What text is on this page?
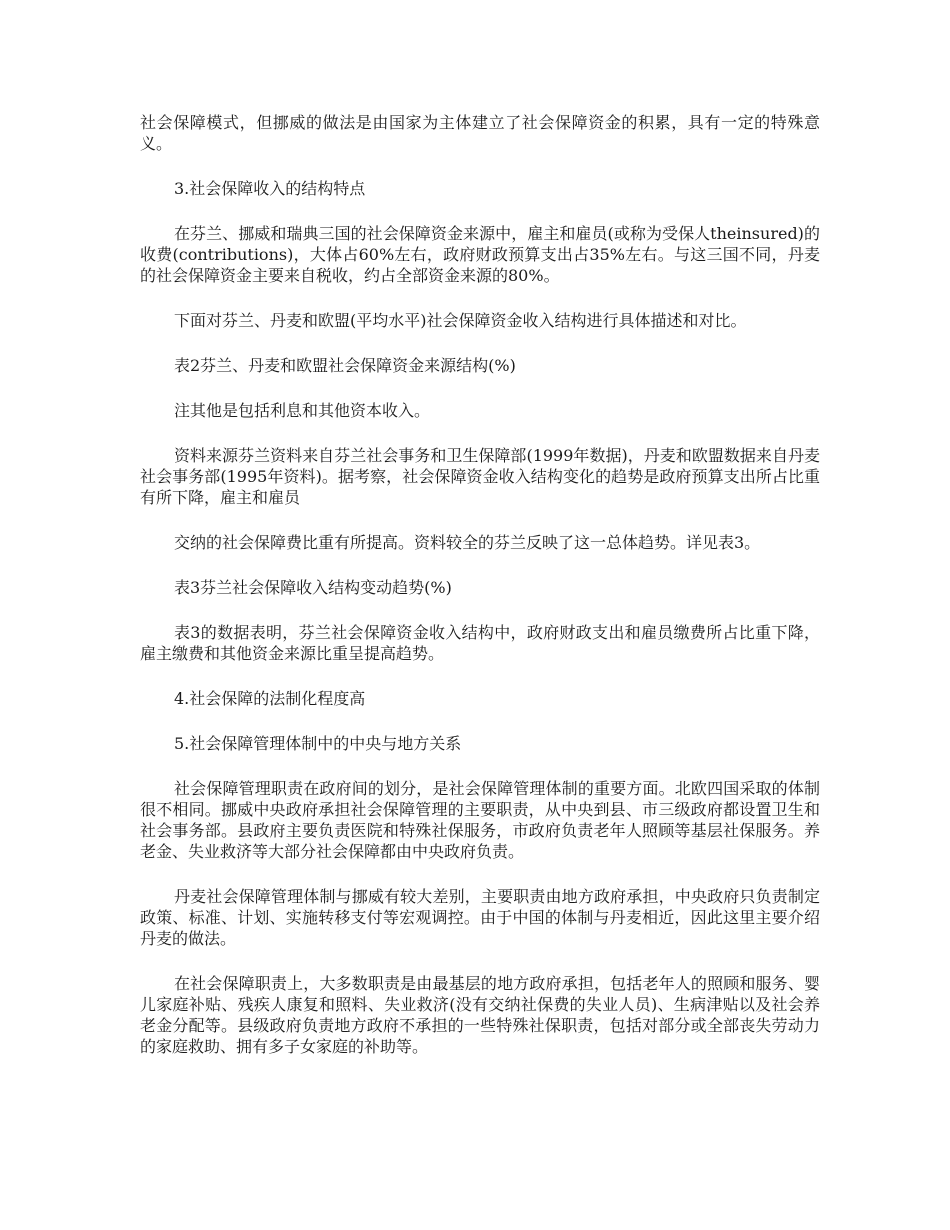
社会保障模式，但挪威的做法是由国家为主体建立了社会保障资金的积累，具有一定的特殊意义。

3.社会保障收入的结构特点

在芬兰、挪威和瑞典三国的社会保障资金来源中，雇主和雇员(或称为受保人theinsured)的收费(contributions)，大体占60%左右，政府财政预算支出占35%左右。与这三国不同，丹麦的社会保障资金主要来自税收，约占全部资金来源的80%。

下面对芬兰、丹麦和欧盟(平均水平)社会保障资金收入结构进行具体描述和对比。

表2芬兰、丹麦和欧盟社会保障资金来源结构(%)

注其他是包括利息和其他资本收入。

资料来源芬兰资料来自芬兰社会事务和卫生保障部(1999年数据)，丹麦和欧盟数据来自丹麦社会事务部(1995年资料)。据考察，社会保障资金收入结构变化的趋势是政府预算支出所占比重有所下降，雇主和雇员

交纳的社会保障费比重有所提高。资料较全的芬兰反映了这一总体趋势。详见表3。

表3芬兰社会保障收入结构变动趋势(%)

表3的数据表明，芬兰社会保障资金收入结构中，政府财政支出和雇员缴费所占比重下降，雇主缴费和其他资金来源比重呈提高趋势。

4.社会保障的法制化程度高

5.社会保障管理体制中的中央与地方关系

社会保障管理职责在政府间的划分，是社会保障管理体制的重要方面。北欧四国采取的体制很不相同。挪威中央政府承担社会保障管理的主要职责，从中央到县、市三级政府都设置卫生和社会事务部。县政府主要负责医院和特殊社保服务，市政府负责老年人照顾等基层社保服务。养老金、失业救济等大部分社会保障都由中央政府负责。

丹麦社会保障管理体制与挪威有较大差别，主要职责由地方政府承担，中央政府只负责制定政策、标准、计划、实施转移支付等宏观调控。由于中国的体制与丹麦相近，因此这里主要介绍丹麦的做法。

在社会保障职责上，大多数职责是由最基层的地方政府承担，包括老年人的照顾和服务、婴儿家庭补贴、残疾人康复和照料、失业救济(没有交纳社保费的失业人员)、生病津贴以及社会养老金分配等。县级政府负责地方政府不承担的一些特殊社保职责，包括对部分或全部丧失劳动力的家庭救助、拥有多子女家庭的补助等。
